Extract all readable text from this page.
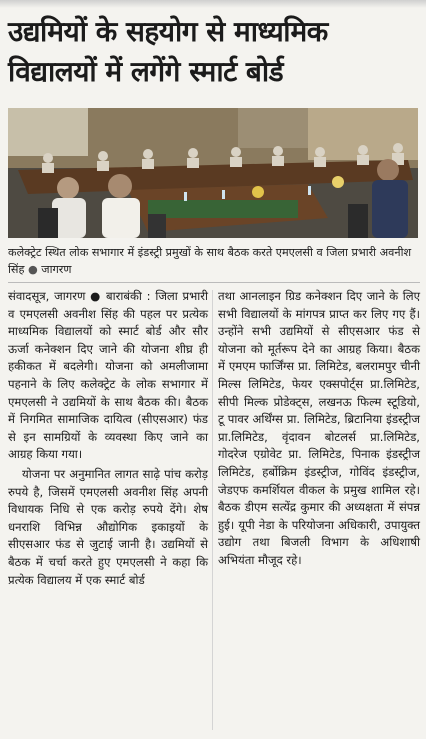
उद्यमियों के सहयोग से माध्यमिक
विद्यालयों में लगेंगे स्मार्ट बोर्ड

कलेक्ट्रेट स्थित लोक सभागार में इंडस्ट्री प्रमुखों के साथ बैठक करते एमएलसी व जिला प्रभारी अवनीश सिंह ● जागरण

संवादसूत्र, जागरण ● बाराबंकी : जिला प्रभारी व एमएलसी अवनीश सिंह की पहल पर प्रत्येक माध्यमिक विद्यालयों को स्मार्ट बोर्ड और सौर ऊर्जा कनेक्शन दिए जाने की योजना शीघ्र ही हकीकत में बदलेगी। योजना को अमलीजामा पहनाने के लिए कलेक्ट्रेट के लोक सभागार में एमएलसी ने उद्यमियों के साथ बैठक की। बैठक में निगमित सामाजिक दायित्व (सीएसआर) फंड से इन सामग्रियों के व्यवस्था किए जाने का आग्रह किया गया।

योजना पर अनुमानित लागत साढ़े पांच करोड़ रुपये है, जिसमें एमएलसी अवनीश सिंह अपनी विधायक निधि से एक करोड़ रुपये देंगे। शेष धनराशि विभिन्न औद्योगिक इकाइयों के सीएसआर फंड से जुटाई जानी है। उद्यमियों से बैठक में चर्चा करते हुए एमएलसी ने कहा कि प्रत्येक विद्यालय में एक स्मार्ट बोर्ड

तथा आनलाइन ग्रिड कनेक्शन दिए जाने के लिए सभी विद्यालयों के मांगपत्र प्राप्त कर लिए गए हैं। उन्होंने सभी उद्यमियों से सीएसआर फंड से योजना को मूर्तरूप देने का आग्रह किया। बैठक में एमएम फार्जिंग्स प्रा. लिमिटेड, बलरामपुर चीनी मिल्स लिमिटेड, फेयर एक्सपोर्ट्स प्रा.लिमिटेड, सीपी मिल्क प्रोडेक्ट्स, लखनऊ फिल्म स्टूडियो, टू पावर अर्थिंग्स प्रा. लिमिटेड, ब्रिटानिया इंडस्ट्रीज प्रा.लिमिटेड, वृंदावन बोटलर्स प्रा.लिमिटेड, गोदरेज एग्रोवेट प्रा. लिमिटेड, पिनाक इंडस्ट्रीज लिमिटेड, हर्बोक्रिम इंडस्ट्रीज, गोविंद इंडस्ट्रीज, जेडएफ कमर्शियल वीकल के प्रमुख शामिल रहे। बैठक डीएम सत्येंद्र कुमार की अध्यक्षता में संपन्न हुई। यूपी नेडा के परियोजना अधिकारी, उपायुक्त उद्योग तथा बिजली विभाग के अधिशाषी अभियंता मौजूद रहे।
